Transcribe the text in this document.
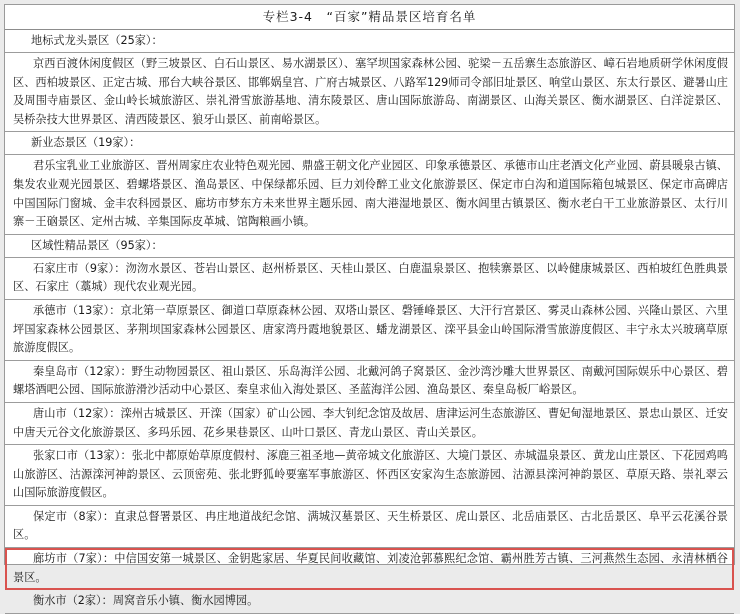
专栏3-4　“百家”精品景区培育名单
地标式龙头景区（25家）：
京西百渡休闲度假区（野三坡景区、白石山景区、易水湖景区）、塞罕坝国家森林公园、驼梁－五岳寨生态旅游区、嶂石岩地质研学休闲度假区、西柏坡景区、正定古城、邢台大峡谷景区、邯郸娲皇宫、广府古城景区、八路军129师司令部旧址景区、响堂山景区、东太行景区、避暑山庄及周围寺庙景区、金山岭长城旅游区、崇礼滑雪旅游基地、清东陵景区、唐山国际旅游岛、南湖景区、山海关景区、衡水湖景区、白洋淀景区、吴桥杂技大世界景区、清西陵景区、狼牙山景区、前南峪景区。
新业态景区（19家）：
君乐宝乳业工业旅游区、晋州周家庄农业特色观光园、鼎盛王朝文化产业园区、印象承德景区、承德市山庄老酒文化产业园、蔚县暖泉古镇、集发农业观光园景区、碧螺塔景区、渔岛景区、中保绿都乐园、巨力刘伶醉工业文化旅游景区、保定市白沟和道国际箱包城景区、保定市高碑店中国国际门窗城、金丰农科园景区、廊坊市梦东方未来世界主题乐园、南大港湿地景区、衡水闾里古镇景区、衡水老白干工业旅游景区、太行川寨－王硇景区、定州古城、辛集国际皮革城、馆陶粮画小镇。
区域性精品景区（95家）：
石家庄市（9家）：沕沕水景区、苍岩山景区、赵州桥景区、天桂山景区、白鹿温泉景区、抱犊寨景区、以岭健康城景区、西柏坡红色胜典景区、石家庄（藁城）现代农业观光园。
承德市（13家）：京北第一草原景区、御道口草原森林公园、双塔山景区、磬锤峰景区、大汗行宫景区、雾灵山森林公园、兴隆山景区、六里坪国家森林公园景区、茅荆坝国家森林公园景区、唐家湾丹霞地貌景区、蟠龙湖景区、滦平县金山岭国际滑雪旅游度假区、丰宁永太兴玻璃草原旅游度假区。
秦皇岛市（12家）：野生动物园景区、祖山景区、乐岛海洋公园、北戴河鸽子窝景区、金沙湾沙雕大世界景区、南戴河国际娱乐中心景区、碧螺塔酒吧公园、国际旅游滑沙活动中心景区、秦皇求仙入海处景区、圣蓝海洋公园、渔岛景区、秦皇岛板厂峪景区。
唐山市（12家）：滦州古城景区、开滦（国家）矿山公园、李大钊纪念馆及故居、唐津运河生态旅游区、曹妃甸湿地景区、景忠山景区、迁安中唐天元谷文化旅游景区、多玛乐园、花乡果巷景区、山叶口景区、青龙山景区、青山关景区。
张家口市（13家）：张北中都原始草原度假村、涿鹿三祖圣地—黄帝城文化旅游区、大境门景区、赤城温泉景区、黄龙山庄景区、下花园鸡鸣山旅游区、沽源滦河神韵景区、云顶密苑、张北野狐岭要塞军事旅游区、怀西区安家沟生态旅游园、沽源县滦河神韵景区、草原天路、崇礼翠云山国际旅游度假区。
保定市（8家）：直隶总督署景区、冉庄地道战纪念馆、满城汉墓景区、天生桥景区、虎山景区、北岳庙景区、古北岳景区、阜平云花溪谷景区。
廊坊市（7家）：中信国安第一城景区、金钥匙家居、华夏民间收藏馆、刘凌沧郭慕熙纪念馆、霸州胜芳古镇、三河燕然生态园、永清林栖谷景区。
衡水市（2家）：周窝音乐小镇、衡水园博园。
